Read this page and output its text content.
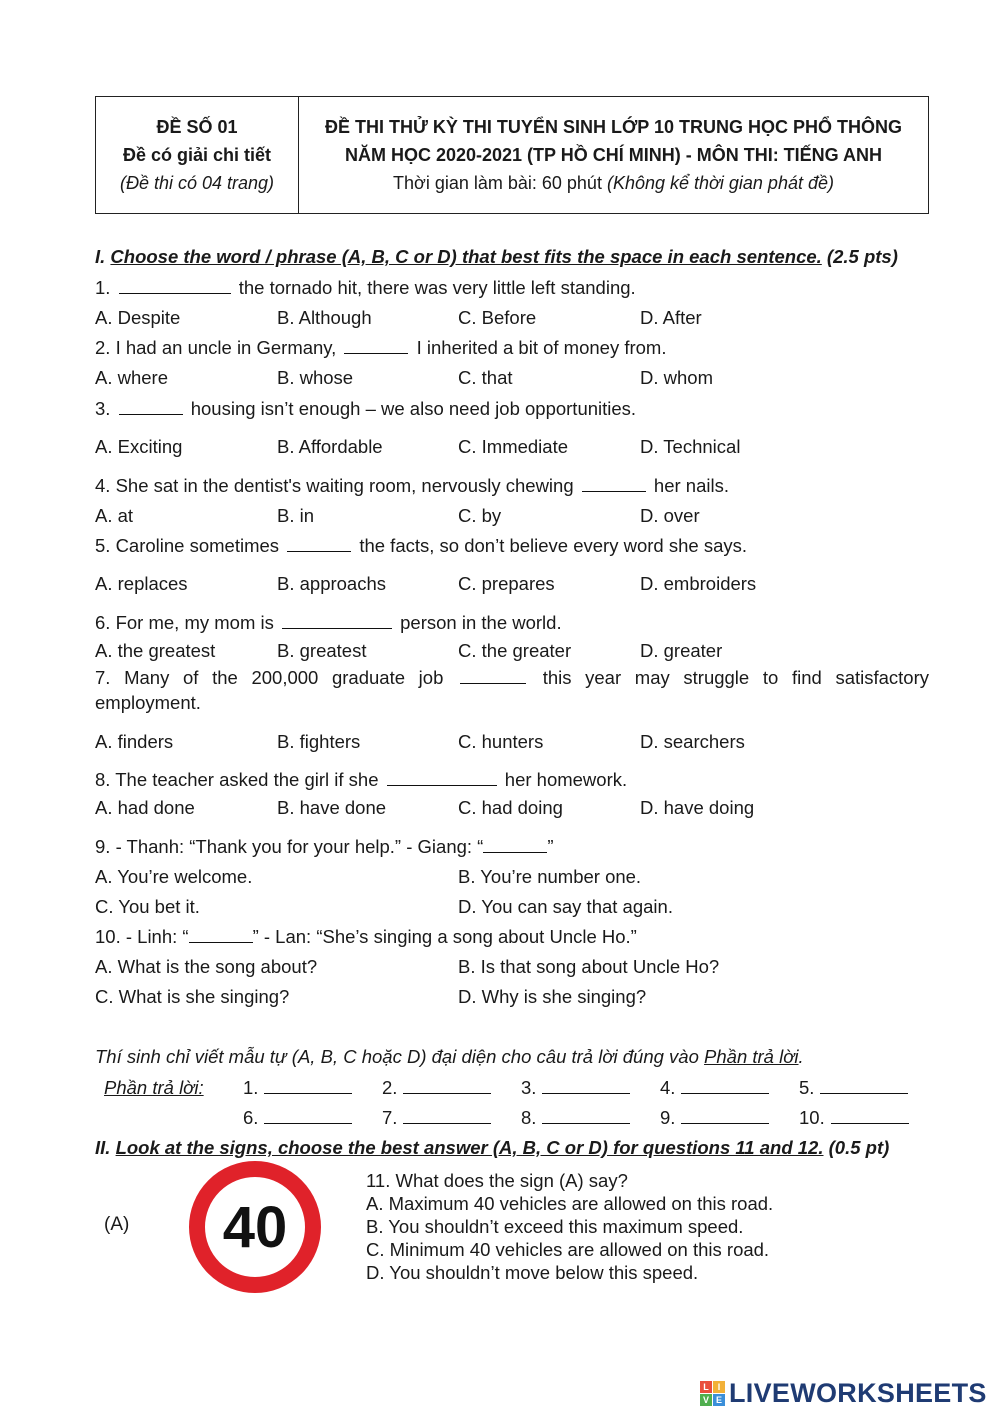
ĐỀ SỐ 01
Đề có giải chi tiết
(Đề thi có 04 trang)
ĐỀ THI THỬ KỲ THI TUYỂN SINH LỚP 10 TRUNG HỌC PHỔ THÔNG
NĂM HỌC 2020-2021 (TP HỒ CHÍ MINH) - MÔN THI: TIẾNG ANH
Thời gian làm bài: 60 phút (Không kể thời gian phát đề)
I. Choose the word / phrase (A, B, C or D) that best fits the space in each sentence. (2.5 pts)
1.	the tornado hit, there was very little left standing.
A. Despite	B. Although	C. Before	D. After
2. I had an uncle in Germany,	I inherited a bit of money from.
A. where	B. whose	C. that	D. whom
3.	housing isn’t enough – we also need job opportunities.
A. Exciting	B. Affordable	C. Immediate	D. Technical
4. She sat in the dentist's waiting room, nervously chewing	her nails.
A. at	B. in	C. by	D. over
5. Caroline sometimes	the facts, so don’t believe every word she says.
A. replaces	B. approachs	C. prepares	D. embroiders
6. For me, my mom is	person in the world.
A. the greatest	B. greatest	C. the greater	D. greater
7. Many of the 200,000 graduate job	this year may struggle to find satisfactory
employment.
A. finders	B. fighters	C. hunters	D. searchers
8. The teacher asked the girl if she	her homework.
A. had done	B. have done	C. had doing	D. have doing
9. - Thanh: “Thank you for your help.” - Giang: “	”
A. You’re welcome.	B. You’re number one.
C. You bet it.	D. You can say that again.
10. - Linh: “	” - Lan: “She’s singing a song about Uncle Ho.”
A. What is the song about?	B. Is that song about Uncle Ho?
C. What is she singing?	D. Why is she singing?
Thí sinh chỉ viết mẫu tự (A, B, C hoặc D) đại diện cho câu trả lời đúng vào Phần trả lời.
Phần trả lời: 1.	2.	3.	4.	5.
6.	7.	8.	9.	10.
II. Look at the signs, choose the best answer (A, B, C or D) for questions 11 and 12. (0.5 pt)
(A) 40
11. What does the sign (A) say?
A. Maximum 40 vehicles are allowed on this road.
B. You shouldn’t exceed this maximum speed.
C. Minimum 40 vehicles are allowed on this road.
D. You shouldn’t move below this speed.
L I
V E LIVEWORKSHEETS
